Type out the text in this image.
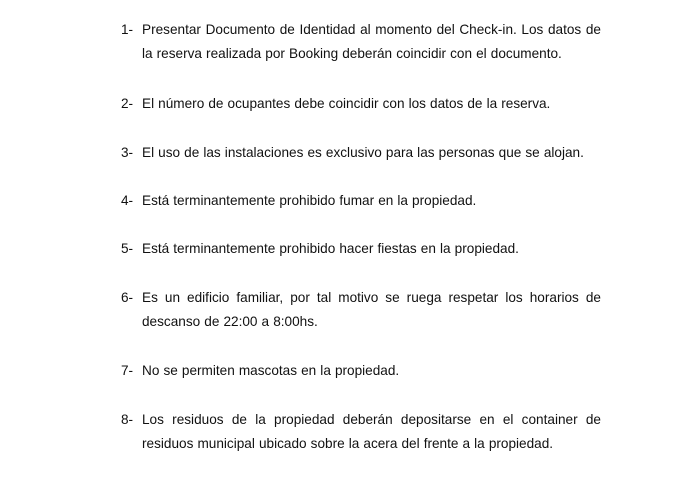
1- Presentar Documento de Identidad al momento del Check-in. Los datos de la reserva realizada por Booking deberán coincidir con el documento.
2- El número de ocupantes debe coincidir con los datos de la reserva.
3- El uso de las instalaciones es exclusivo para las personas que se alojan.
4- Está terminantemente prohibido fumar en la propiedad.
5- Está terminantemente prohibido hacer fiestas en la propiedad.
6- Es un edificio familiar, por tal motivo se ruega respetar los horarios de descanso de 22:00 a 8:00hs.
7- No se permiten mascotas en la propiedad.
8- Los residuos de la propiedad deberán depositarse en el container de residuos municipal ubicado sobre la acera del frente a la propiedad.
